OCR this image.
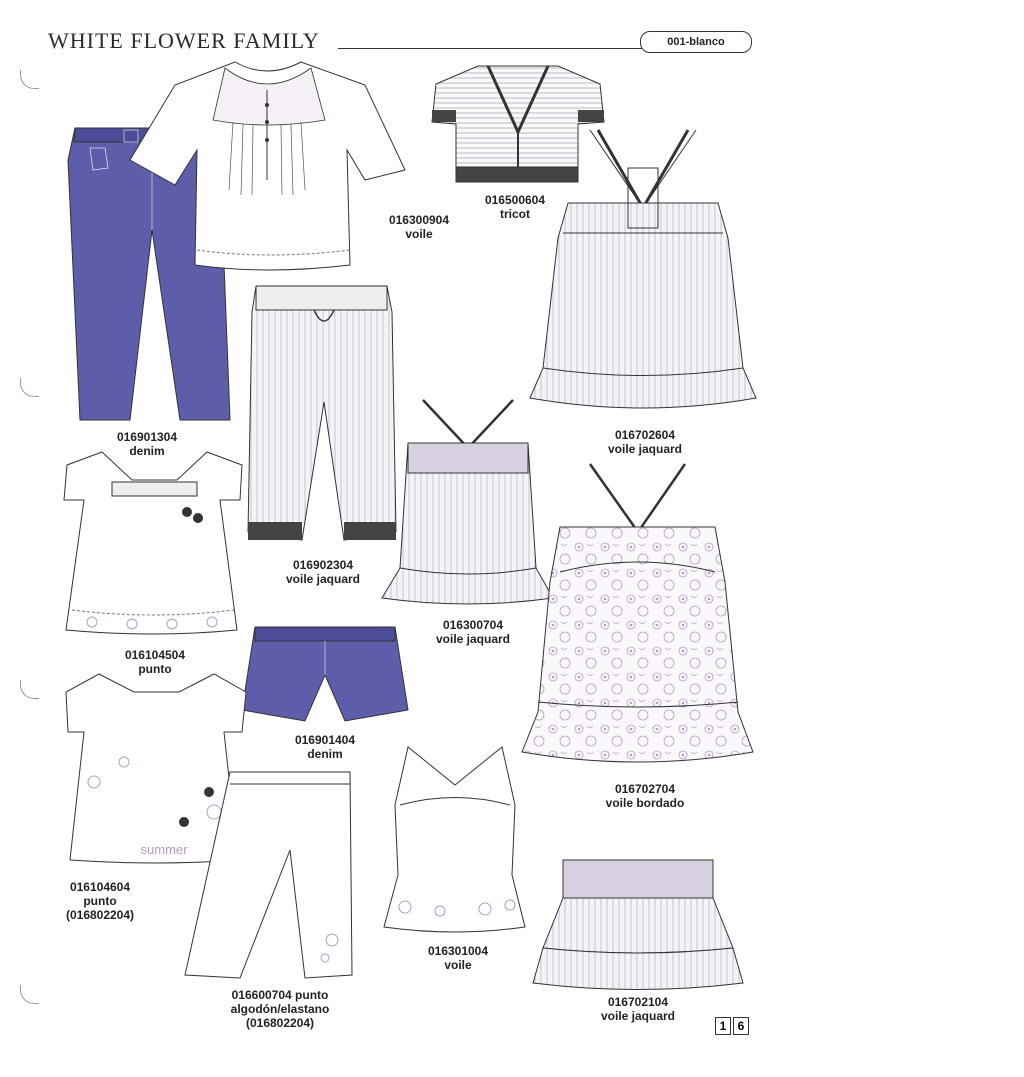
WHITE FLOWER FAMILY	001-blanco
016300904
voile
016500604
tricot
016702604
voile jaquard
016901304
denim
016902304
voile jaquard
016300704
voile jaquard
016104504
punto
016901404
denim
016702704
voile bordado
summer
016104604
punto
(016802204)
016600704 punto
algodón/elastano
(016802204)
016301004
voile
016702104
voile jaquard
1 6
